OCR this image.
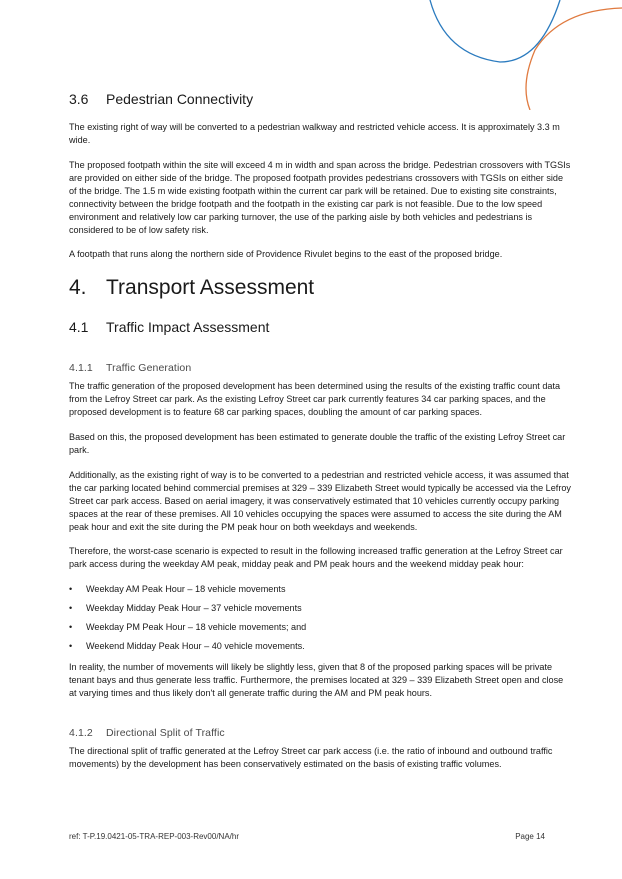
3.6 Pedestrian Connectivity

The existing right of way will be converted to a pedestrian walkway and restricted vehicle access. It is approximately 3.3 m wide.

The proposed footpath within the site will exceed 4 m in width and span across the bridge. Pedestrian crossovers with TGSIs are provided on either side of the bridge. The proposed footpath provides pedestrians crossovers with TGSIs on either side of the bridge. The 1.5 m wide existing footpath within the current car park will be retained. Due to existing site constraints, connectivity between the bridge footpath and the footpath in the existing car park is not feasible. Due to the low speed environment and relatively low car parking turnover, the use of the parking aisle by both vehicles and pedestrians is considered to be of low safety risk.

A footpath that runs along the northern side of Providence Rivulet begins to the east of the proposed bridge.

4. Transport Assessment
4.1 Traffic Impact Assessment
4.1.1 Traffic Generation

The traffic generation of the proposed development has been determined using the results of the existing traffic count data from the Lefroy Street car park. As the existing Lefroy Street car park currently features 34 car parking spaces, and the proposed development is to feature 68 car parking spaces, doubling the amount of car parking spaces.

Based on this, the proposed development has been estimated to generate double the traffic of the existing Lefroy Street car park.

Additionally, as the existing right of way is to be converted to a pedestrian and restricted vehicle access, it was assumed that the car parking located behind commercial premises at 329 – 339 Elizabeth Street would typically be accessed via the Lefroy Street car park access. Based on aerial imagery, it was conservatively estimated that 10 vehicles currently occupy parking spaces at the rear of these premises. All 10 vehicles occupying the spaces were assumed to access the site during the AM peak hour and exit the site during the PM peak hour on both weekdays and weekends.

Therefore, the worst-case scenario is expected to result in the following increased traffic generation at the Lefroy Street car park access during the weekday AM peak, midday peak and PM peak hours and the weekend midday peak hour:

• Weekday AM Peak Hour – 18 vehicle movements
• Weekday Midday Peak Hour – 37 vehicle movements
• Weekday PM Peak Hour – 18 vehicle movements; and
• Weekend Midday Peak Hour – 40 vehicle movements.

In reality, the number of movements will likely be slightly less, given that 8 of the proposed parking spaces will be private tenant bays and thus generate less traffic. Furthermore, the premises located at 329 – 339 Elizabeth Street open and close at varying times and thus likely don't all generate traffic during the AM and PM peak hours.

4.1.2 Directional Split of Traffic

The directional split of traffic generated at the Lefroy Street car park access (i.e. the ratio of inbound and outbound traffic movements) by the development has been conservatively estimated on the basis of existing traffic volumes.

ref: T-P.19.0421-05-TRA-REP-003-Rev00/NA/hr	Page 14
